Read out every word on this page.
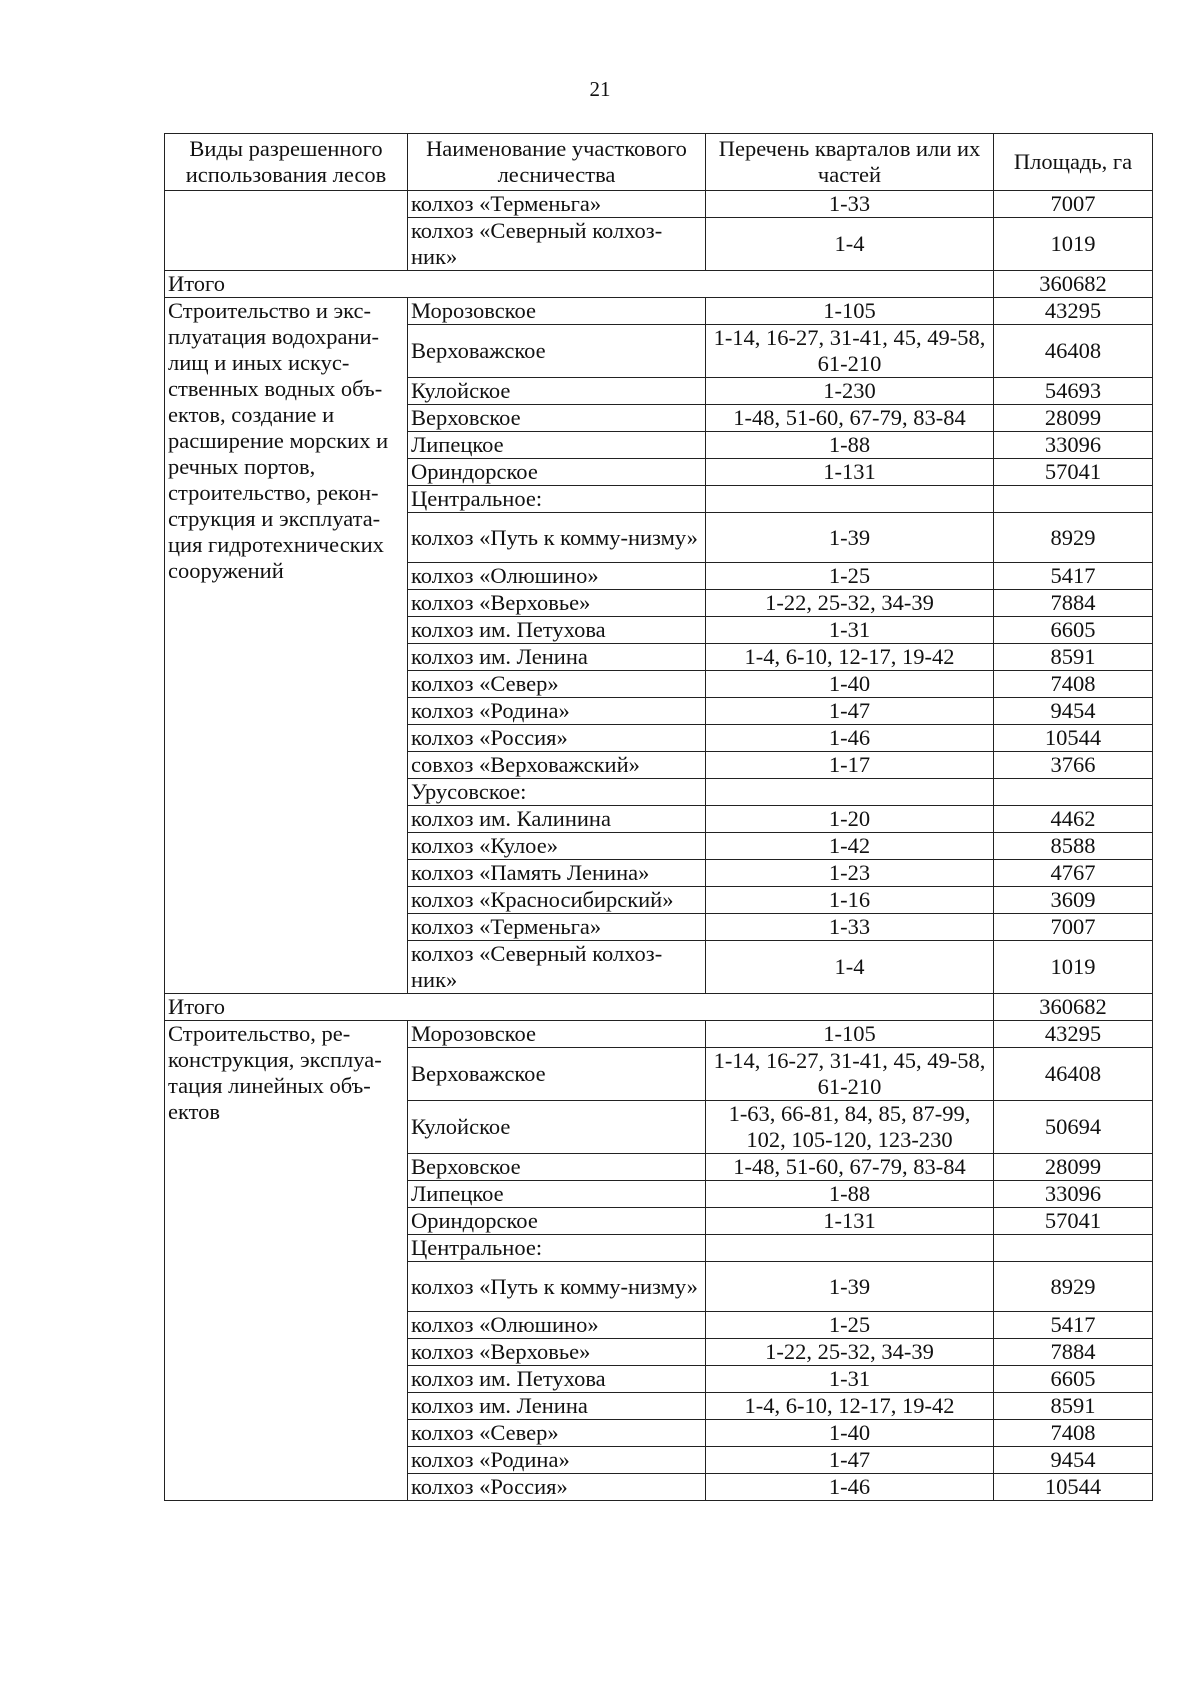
21
Виды разрешенного использования лесов	Наименование участкового лесничества	Перечень кварталов или их частей	Площадь, га
	колхоз «Терменьга»	1-33	7007
	колхоз «Северный колхоз-ник»	1-4	1019
Итого			360682
Строительство и экс-плуатация водохрани-лищ и иных искус-ственных водных объ-ектов, создание и расширение морских и речных портов, строительство, рекон-струкция и эксплуата-ция гидротехнических сооружений	Морозовское	1-105	43295
	Верховажское	1-14, 16-27, 31-41, 45, 49-58, 61-210	46408
	Кулойское	1-230	54693
	Верховское	1-48, 51-60, 67-79, 83-84	28099
	Липецкое	1-88	33096
	Ориндорское	1-131	57041
	Центральное:		
	колхоз «Путь к комму-низму»	1-39	8929
	колхоз «Олюшино»	1-25	5417
	колхоз «Верховье»	1-22, 25-32, 34-39	7884
	колхоз им. Петухова	1-31	6605
	колхоз им. Ленина	1-4, 6-10, 12-17, 19-42	8591
	колхоз «Север»	1-40	7408
	колхоз «Родина»	1-47	9454
	колхоз «Россия»	1-46	10544
	совхоз «Верховажский»	1-17	3766
	Урусовское:		
	колхоз им. Калинина	1-20	4462
	колхоз «Кулое»	1-42	8588
	колхоз «Память Ленина»	1-23	4767
	колхоз «Красносибирский»	1-16	3609
	колхоз «Терменьга»	1-33	7007
	колхоз «Северный колхоз-ник»	1-4	1019
Итого			360682
Строительство, ре-конструкция, эксплуа-тация линейных объ-ектов	Морозовское	1-105	43295
	Верховажское	1-14, 16-27, 31-41, 45, 49-58, 61-210	46408
	Кулойское	1-63, 66-81, 84, 85, 87-99, 102, 105-120, 123-230	50694
	Верховское	1-48, 51-60, 67-79, 83-84	28099
	Липецкое	1-88	33096
	Ориндорское	1-131	57041
	Центральное:		
	колхоз «Путь к комму-низму»	1-39	8929
	колхоз «Олюшино»	1-25	5417
	колхоз «Верховье»	1-22, 25-32, 34-39	7884
	колхоз им. Петухова	1-31	6605
	колхоз им. Ленина	1-4, 6-10, 12-17, 19-42	8591
	колхоз «Север»	1-40	7408
	колхоз «Родина»	1-47	9454
	колхоз «Россия»	1-46	10544
